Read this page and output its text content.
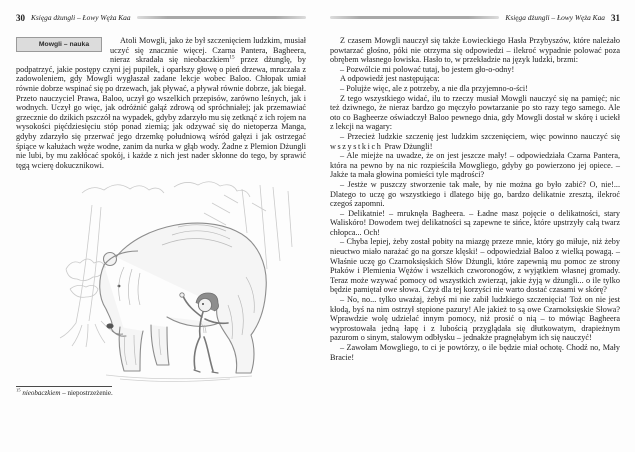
30 Księga dżungli – Łowy Węża Kaa

Mowgli – nauka	Atoli Mowgli, jako że był szczenięciem ludzkim, musiał uczyć się znacznie więcej. Czarna Pantera, Bagheera, nieraz skradała się nieobaczkiem$^{15}$ przez dżunglę, by podpatrzyć, jakie postępy czyni jej pupilek, i oparłszy głowę o pień drzewa, mruczała z zadowoleniem, gdy Mowgli wygłaszał zadane lekcje wobec Baloo. Chłopak umiał równie dobrze wspinać się po drzewach, jak pływać, a pływał równie dobrze, jak biegał. Przeto nauczyciel Prawa, Baloo, uczył go wszelkich przepisów, zarówno leśnych, jak i wodnych. Uczył go więc, jak odróżnić gałąź zdrową od spróchniałej; jak przemawiać grzecznie do dzikich pszczół na wypadek, gdyby zdarzyło mu się zetknąć z ich rojem na wysokości pięćdziesięciu stóp ponad ziemią; jak odzywać się do nietoperza Manga, gdyby zdarzyło się przerwać jego drzemkę południową wśród gałęzi i jak ostrzegać śpiące w kałużach węże wodne, zanim da nurka w głąb wody. Żadne z Plemion Dżungli nie lubi, by mu zakłócać spokój, i każde z nich jest nader skłonne do tego, by sprawić tęgą wcierę dokucznikowi.

$^{15}$ nieobaczkiem – niepostrzeżenie.
Księga dżungli – Łowy Węża Kaa 31

Z czasem Mowgli nauczył się także Łowieckiego Hasła Przybyszów, które należało powtarzać głośno, póki nie otrzyma się odpowiedzi – ilekroć wypadnie polować poza obrębem własnego łowiska. Hasło to, w przekładzie na język ludzki, brzmi:

– Pozwólcie mi polować tutaj, bo jestem gło-o-odny!

A odpowiedź jest następująca:

– Polujże więc, ale z potrzeby, a nie dla przyjemno-o-ści!

Z tego wszystkiego widać, ilu to rzeczy musiał Mowgli nauczyć się na pamięć; nic też dziwnego, że nieraz bardzo go męczyło powtarzanie po sto razy tego samego. Ale oto co Bagheerze oświadczył Baloo pewnego dnia, gdy Mowgli dostał w skórę i uciekł z lekcji na wagary:

– Przecież ludzkie szczenię jest ludzkim szczenięciem, więc powinno nauczyć się wszystkich Praw Dżungli!

– Ale miejże na uwadze, że on jest jeszcze mały! – odpowiedziała Czarna Pantera, która na pewno by na nic rozpieściła Mowgliego, gdyby go powierzono jej opiece. – Jakże ta mała głowina pomieści tyle mądrości?

– Jestże w puszczy stworzenie tak małe, by nie można go było zabić? O, nie!... Dlatego to uczę go wszystkiego i dlatego biję go, bardzo delikatnie zresztą, ilekroć czegoś zapomni.

– Delikatnie! – mruknęła Bagheera. – Ładne masz pojęcie o delikatności, stary Waliskóro! Dowodem twej delikatności są zapewne te sińce, które upstrzyły całą twarz chłopca... Och!

– Chyba lepiej, żeby został pobity na miazgę przeze mnie, który go miłuje, niż żeby nieuctwo miało narażać go na gorsze klęski! – odpowiedział Baloo z wielką powagą. – Właśnie uczę go Czarnoksięskich Słów Dżungli, które zapewnią mu pomoc ze strony Ptaków i Plemienia Wężów i wszelkich czworonogów, z wyjątkiem własnej gromady. Teraz może wzywać pomocy od wszystkich zwierząt, jakie żyją w dżungli... o ile tylko będzie pamiętał owe słowa. Czyż dla tej korzyści nie warto dostać czasami w skórę?

– No, no... tylko uważaj, żebyś mi nie zabił ludzkiego szczenięcia! Toż on nie jest kłodą, byś na nim ostrzył stępione pazury! Ale jakież to są owe Czarnoksięskie Słowa? Wprawdzie wolę udzielać innym pomocy, niż prosić o nią – to mówiąc Bagheera wyprostowała jedną łapę i z lubością przyglądała się dłutkowatym, drapieżnym pazurom o sinym, stalowym odbłysku – jednakże pragnęłabym ich się nauczyć!

– Zawołam Mowgliego, to ci je powtórzy, o ile będzie miał ochotę. Chodź no, Mały Bracie!
